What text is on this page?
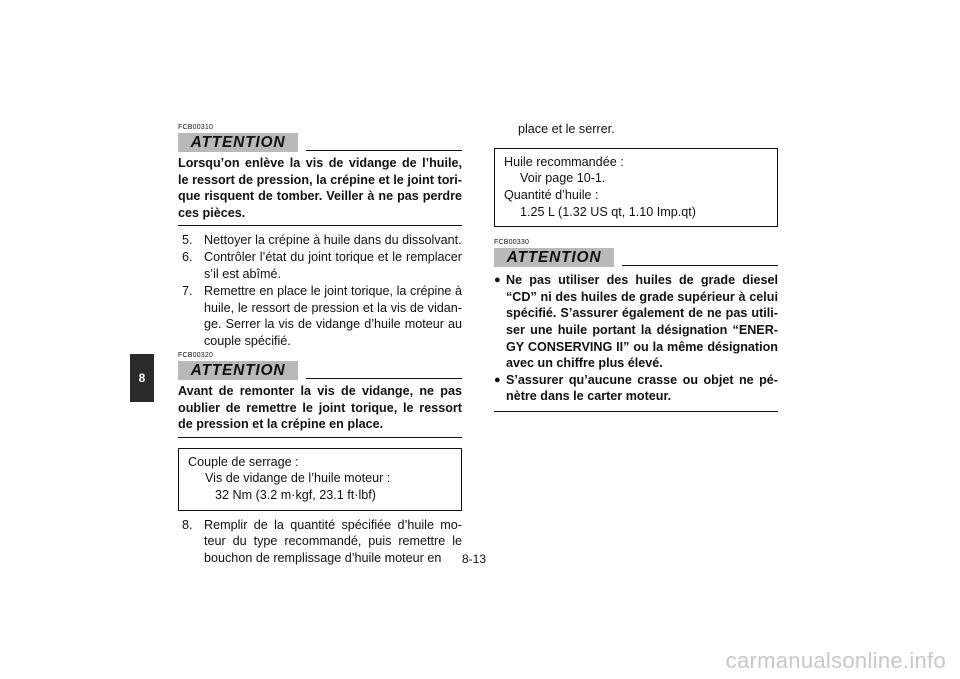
8
FCB00310
ATTENTION
Lorsqu’on enlève la vis de vidange de l’huile, le ressort de pression, la crépine et le joint tori-que risquent de tomber. Veiller à ne pas perdre ces pièces.
5. Nettoyer la crépine à huile dans du dissolvant.
6. Contrôler l’état du joint torique et le remplacer s’il est abîmé.
7. Remettre en place le joint torique, la crépine à huile, le ressort de pression et la vis de vidan-ge. Serrer la vis de vidange d’huile moteur au couple spécifié.
FCB00320
ATTENTION
Avant de remonter la vis de vidange, ne pas oublier de remettre le joint torique, le ressort de pression et la crépine en place.
Couple de serrage :
Vis de vidange de l’huile moteur :
32 Nm (3.2 m·kgf, 23.1 ft·lbf)
8. Remplir de la quantité spécifiée d’huile mo-teur du type recommandé, puis remettre le bouchon de remplissage d’huile moteur en
place et le serrer.
Huile recommandée :
Voir page 10-1.
Quantité d’huile :
1.25 L (1.32 US qt, 1.10 Imp.qt)
FCB00330
ATTENTION
● Ne pas utiliser des huiles de grade diesel “CD” ni des huiles de grade supérieur à celui spécifié. S’assurer également de ne pas utili-ser une huile portant la désignation “ENER-GY CONSERVING II” ou la même désignation avec un chiffre plus élevé.
● S’assurer qu’aucune crasse ou objet ne pé-nètre dans le carter moteur.
8-13
carmanualsonline.info
